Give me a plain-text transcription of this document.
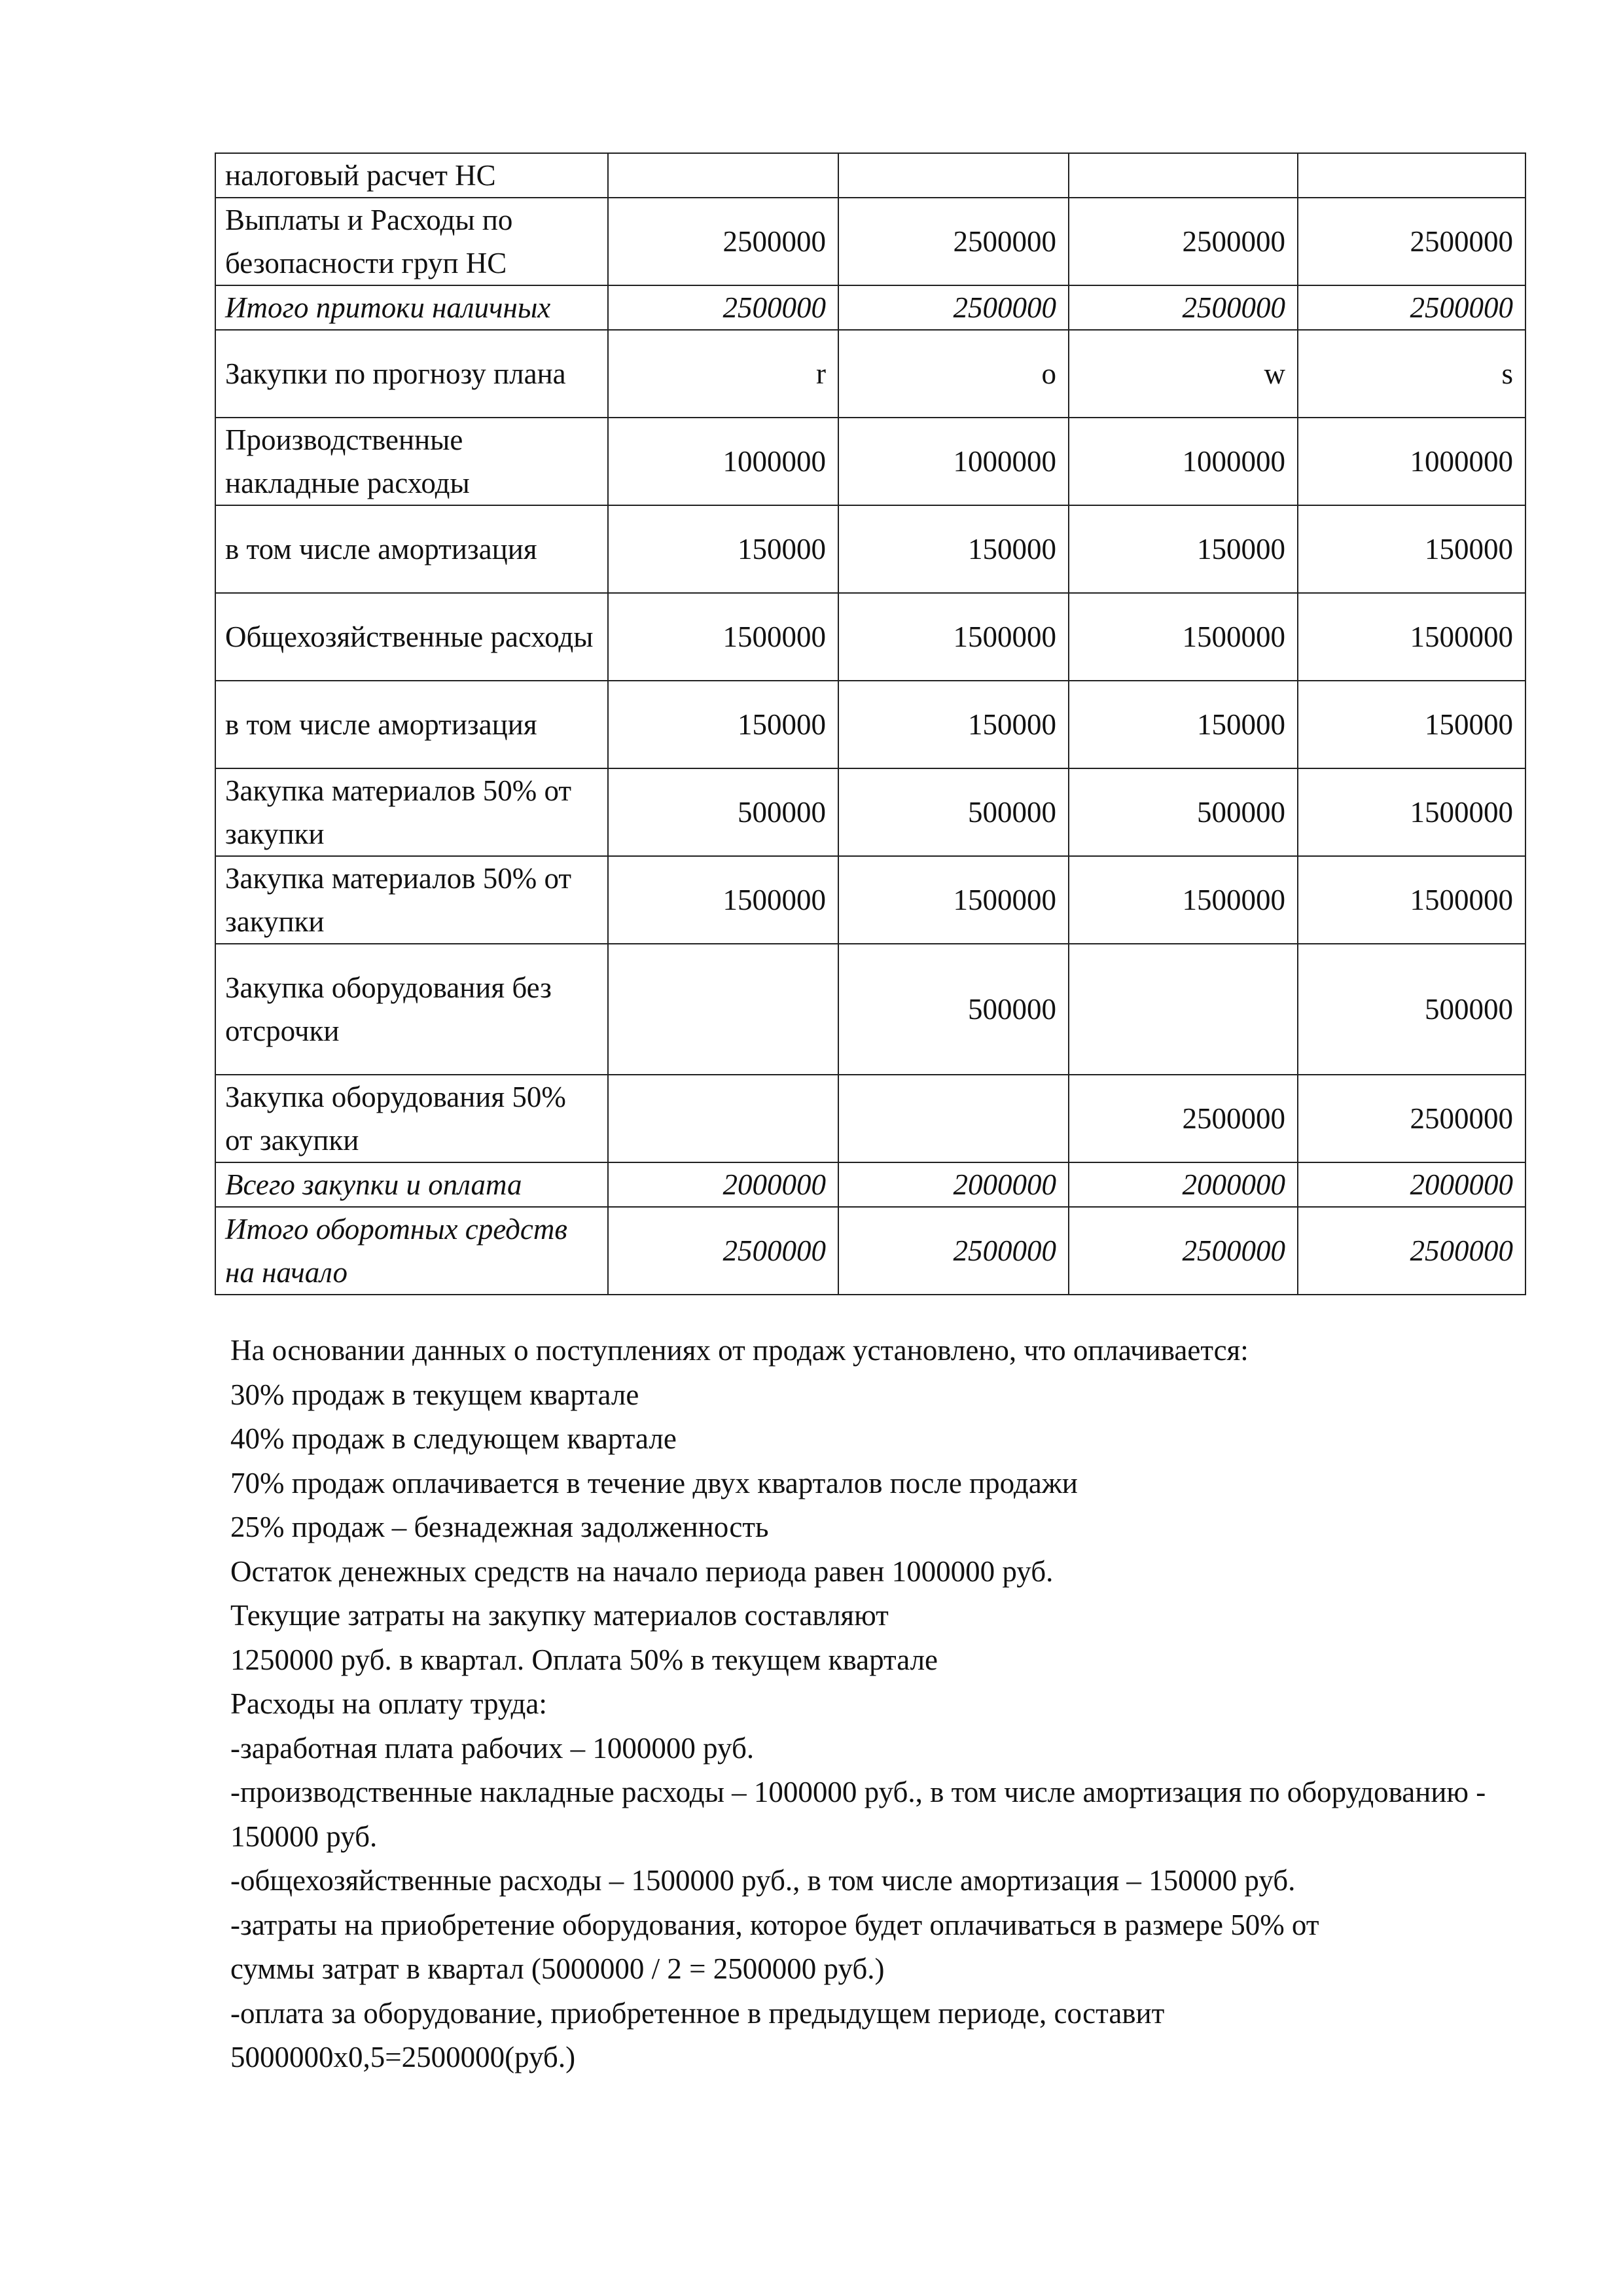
налоговый расчет НС				
Выплаты и Расходы по безопасности груп НС	2500000	2500000	2500000	2500000
Итого притоки наличных	2500000	2500000	2500000	2500000
Закупки по прогнозу плана	r	o	w	s
Производственные накладные расходы	1000000	1000000	1000000	1000000
в том числе амортизация	150000	150000	150000	150000
Общехозяйственные расходы	1500000	1500000	1500000	1500000
в том числе амортизация	150000	150000	150000	150000
Закупка материалов 50% от закупки	500000	500000	500000	1500000
Закупка материалов 50% от закупки	1500000	1500000	1500000	1500000
Закупка оборудования без отсрочки		500000		500000
Закупка оборудования 50% от закупки			2500000	2500000
Всего закупки и оплата	2000000	2000000	2000000	2000000
Итого оборотных средств на начало	2500000	2500000	2500000	2500000

На основании данных о поступлениях от продаж установлено, что оплачивается:

30% продаж в текущем квартале

40% продаж в следующем квартале

70% продаж оплачивается в течение двух кварталов после продажи

25% продаж – безнадежная задолженность

Остаток денежных средств на начало периода равен 1000000 руб.

Текущие затраты на закупку материалов составляют

1250000 руб. в квартал. Оплата 50% в текущем квартале

Расходы на оплату труда:

-заработная плата рабочих – 1000000 руб.

-производственные накладные расходы – 1000000 руб., в том числе амортизация по оборудованию -

150000 руб.

-общехозяйственные расходы – 1500000 руб., в том числе амортизация – 150000 руб.

-затраты на приобретение оборудования, которое будет оплачиваться в размере 50% от

суммы затрат в квартал (5000000 / 2 = 2500000 руб.)

-оплата за оборудование, приобретенное в предыдущем периоде, составит

5000000х0,5=2500000(руб.)
